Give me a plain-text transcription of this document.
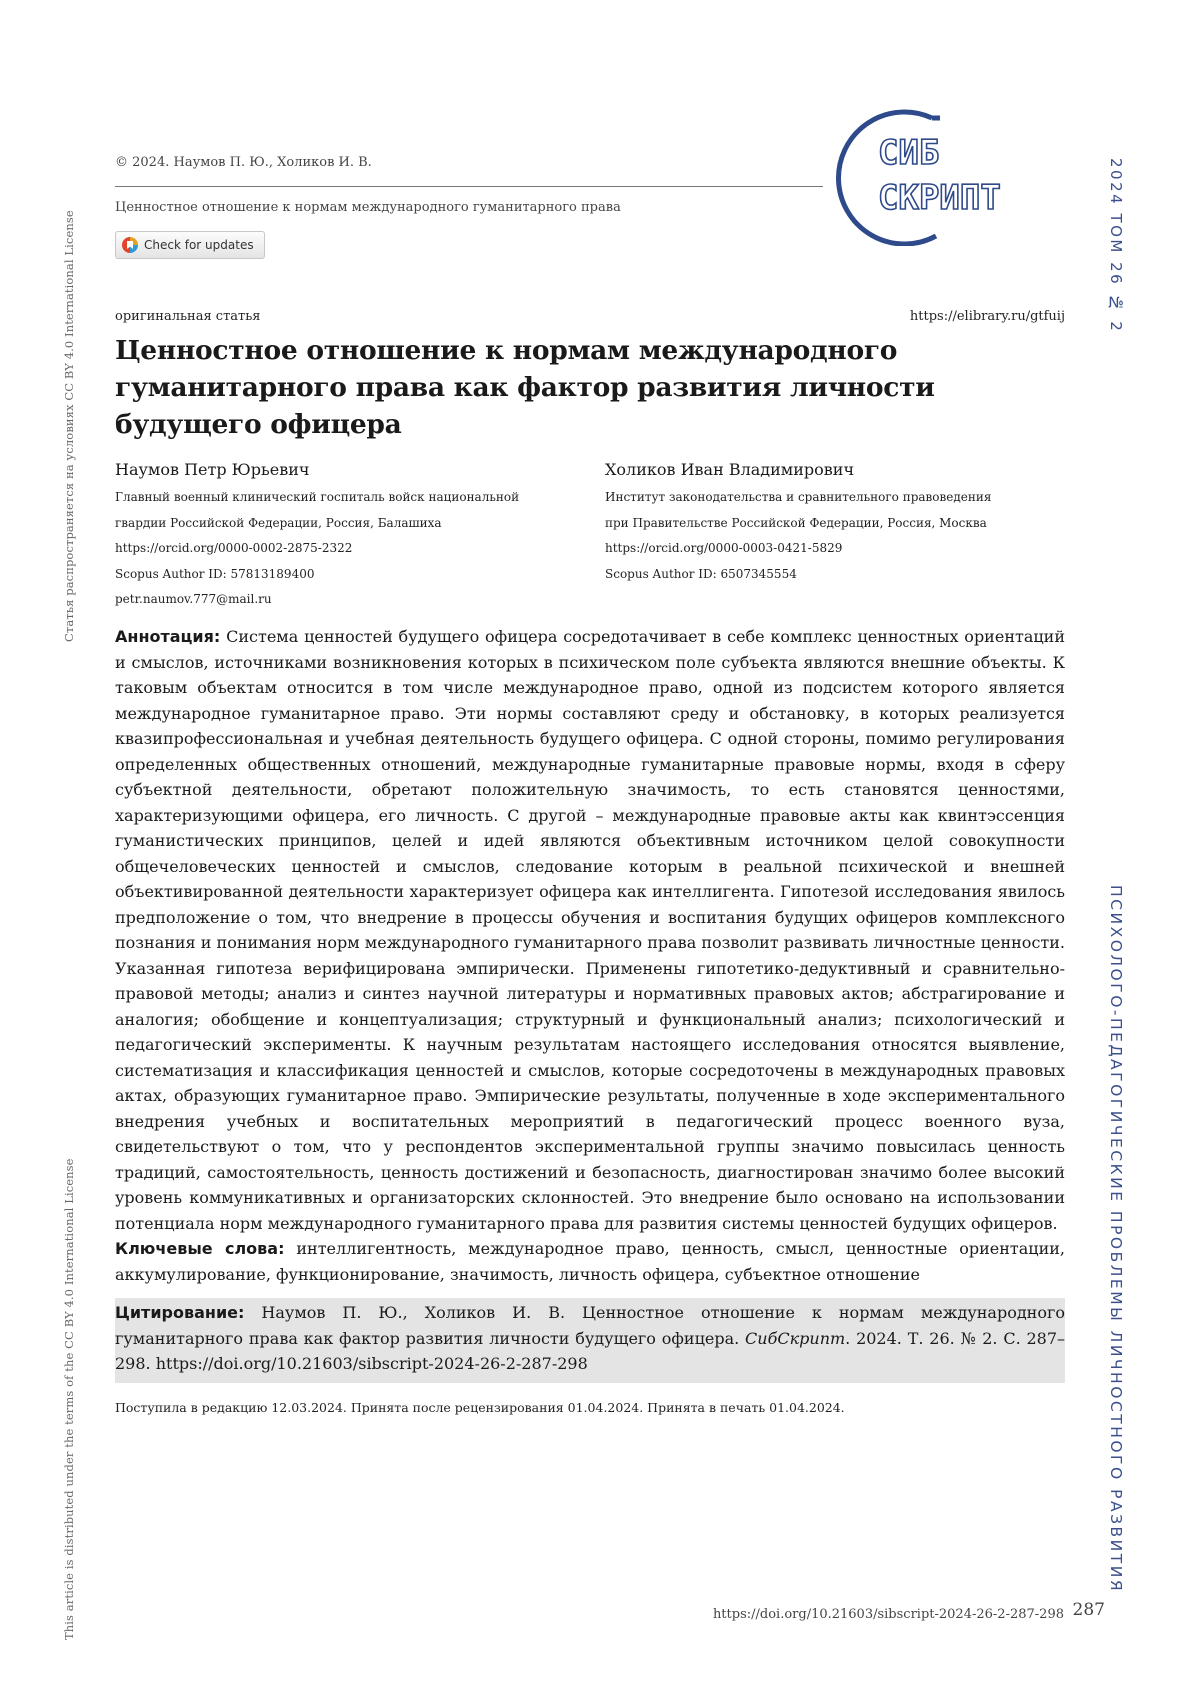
Статья распространяется на условиях CC BY 4.0 International License
This article is distributed under the terms of the CC BY 4.0 International License
2024 ТОМ 26 № 2
ПСИХОЛОГО-ПЕДАГОГИЧЕСКИЕ ПРОБЛЕМЫ ЛИЧНОСТНОГО РАЗВИТИЯ
© 2024. Наумов П. Ю., Холиков И. В.
Ценностное отношение к нормам международного гуманитарного права
Check for updates
СИБ
СКРИПТ
оригинальная статья	https://elibrary.ru/gtfuij
Ценностное отношение к нормам международного гуманитарного права как фактор развития личности будущего офицера
Наумов Петр Юрьевич
Главный военный клинический госпиталь войск национальной
гвардии Российской Федерации, Россия, Балашиха
https://orcid.org/0000-0002-2875-2322
Scopus Author ID: 57813189400
petr.naumov.777@mail.ru
Холиков Иван Владимирович
Институт законодательства и сравнительного правоведения
при Правительстве Российской Федерации, Россия, Москва
https://orcid.org/0000-0003-0421-5829
Scopus Author ID: 6507345554
Аннотация: Система ценностей будущего офицера сосредотачивает в себе комплекс ценностных ориентаций и смыслов, источниками возникновения которых в психическом поле субъекта являются внешние объекты. К таковым объектам относится в том числе международное право, одной из подсистем которого является международное гуманитарное право. Эти нормы составляют среду и обстановку, в которых реализуется квазипрофессиональная и учебная деятельность будущего офицера. С одной стороны, помимо регулирования определенных общественных отношений, международные гуманитарные правовые нормы, входя в сферу субъектной деятельности, обретают положительную значимость, то есть становятся ценностями, характеризующими офицера, его личность. С другой – международные правовые акты как квинтэссенция гуманистических принципов, целей и идей являются объективным источником целой совокупности общечеловеческих ценностей и смыслов, следование которым в реальной психической и внешней объективированной деятельности характеризует офицера как интеллигента. Гипотезой исследования явилось предположение о том, что внедрение в процессы обучения и воспитания будущих офицеров комплексного познания и понимания норм международного гуманитарного права позволит развивать личностные ценности. Указанная гипотеза верифицирована эмпирически. Применены гипотетико-дедуктивный и сравнительно-правовой методы; анализ и синтез научной литературы и нормативных правовых актов; абстрагирование и аналогия; обобщение и концептуализация; структурный и функциональный анализ; психологический и педагогический эксперименты. К научным результатам настоящего исследования относятся выявление, систематизация и классификация ценностей и смыслов, которые сосредоточены в международных правовых актах, образующих гуманитарное право. Эмпирические результаты, полученные в ходе экспериментального внедрения учебных и воспитательных мероприятий в педагогический процесс военного вуза, свидетельствуют о том, что у респондентов экспериментальной группы значимо повысилась ценность традиций, самостоятельность, ценность достижений и безопасность, диагностирован значимо более высокий уровень коммуникативных и организаторских склонностей. Это внедрение было основано на использовании потенциала норм международного гуманитарного права для развития системы ценностей будущих офицеров.
Ключевые слова: интеллигентность, международное право, ценность, смысл, ценностные ориентации, аккумулирование, функционирование, значимость, личность офицера, субъектное отношение
Цитирование: Наумов П. Ю., Холиков И. В. Ценностное отношение к нормам международного гуманитарного права как фактор развития личности будущего офицера. СибСкрипт. 2024. Т. 26. № 2. С. 287–298. https://doi.org/10.21603/sibscript-2024-26-2-287-298
Поступила в редакцию 12.03.2024. Принята после рецензирования 01.04.2024. Принята в печать 01.04.2024.
https://doi.org/10.21603/sibscript-2024-26-2-287-298 287
